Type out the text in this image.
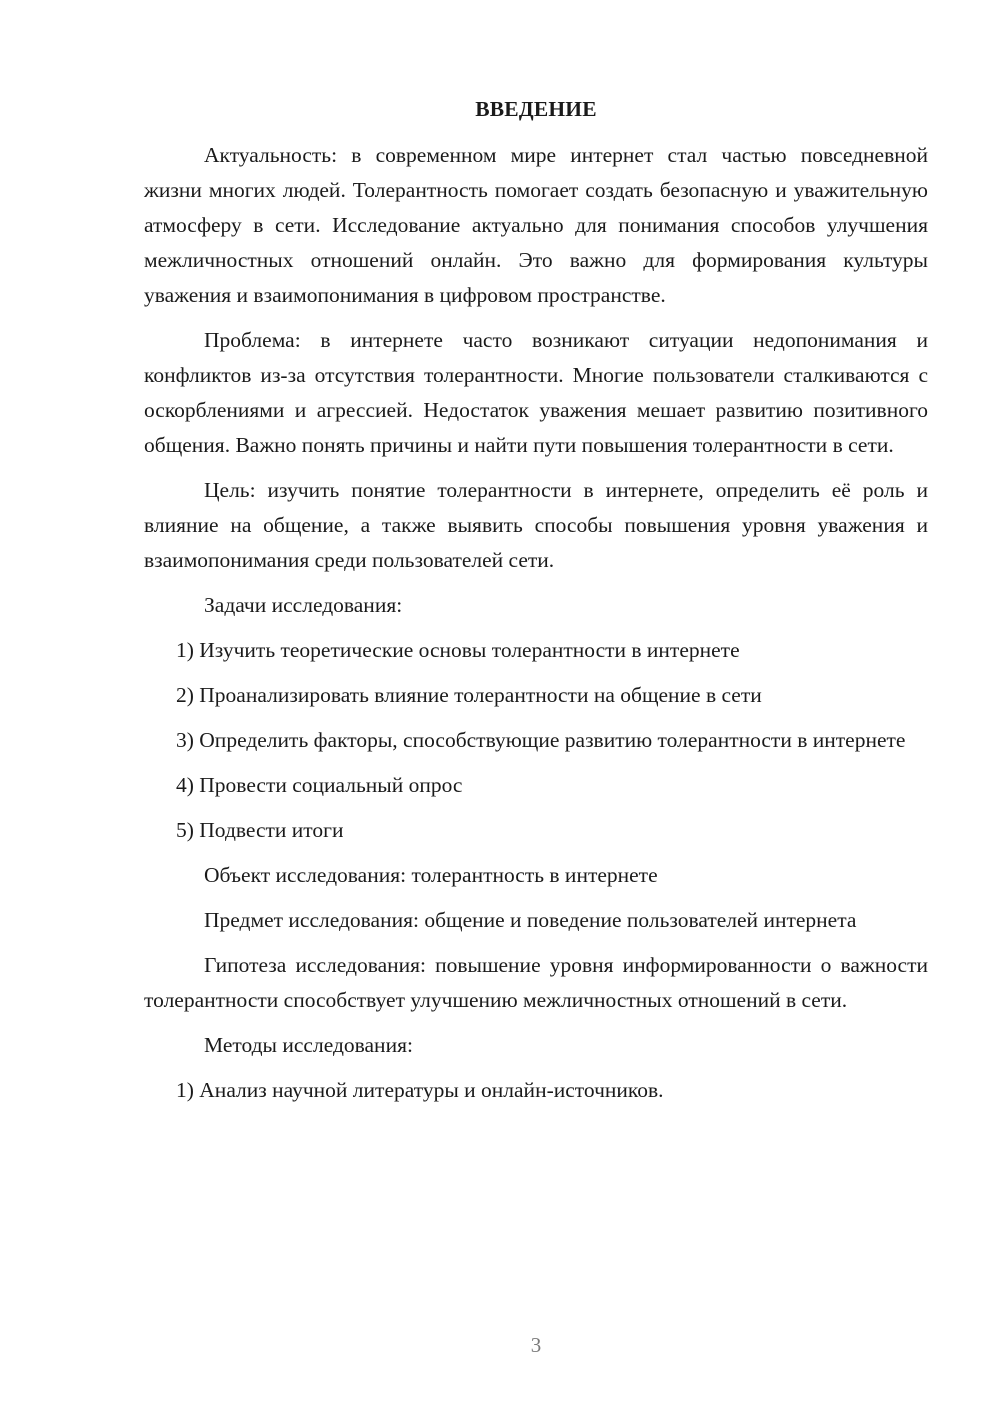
ВВЕДЕНИЕ

Актуальность: в современном мире интернет стал частью повседневной жизни многих людей. Толерантность помогает создать безопасную и уважительную атмосферу в сети. Исследование актуально для понимания способов улучшения межличностных отношений онлайн. Это важно для формирования культуры уважения и взаимопонимания в цифровом пространстве.

Проблема: в интернете часто возникают ситуации недопонимания и конфликтов из-за отсутствия толерантности. Многие пользователи сталкиваются с оскорблениями и агрессией. Недостаток уважения мешает развитию позитивного общения. Важно понять причины и найти пути повышения толерантности в сети.

Цель: изучить понятие толерантности в интернете, определить её роль и влияние на общение, а также выявить способы повышения уровня уважения и взаимопонимания среди пользователей сети.

Задачи исследования:

1) Изучить теоретические основы толерантности в интернете

2) Проанализировать влияние толерантности на общение в сети

3) Определить факторы, способствующие развитию толерантности в интернете

4) Провести социальный опрос

5) Подвести итоги

Объект исследования: толерантность в интернете

Предмет исследования: общение и поведение пользователей интернета

Гипотеза исследования: повышение уровня информированности о важности толерантности способствует улучшению межличностных отношений в сети.

Методы исследования:

1) Анализ научной литературы и онлайн-источников.

3
